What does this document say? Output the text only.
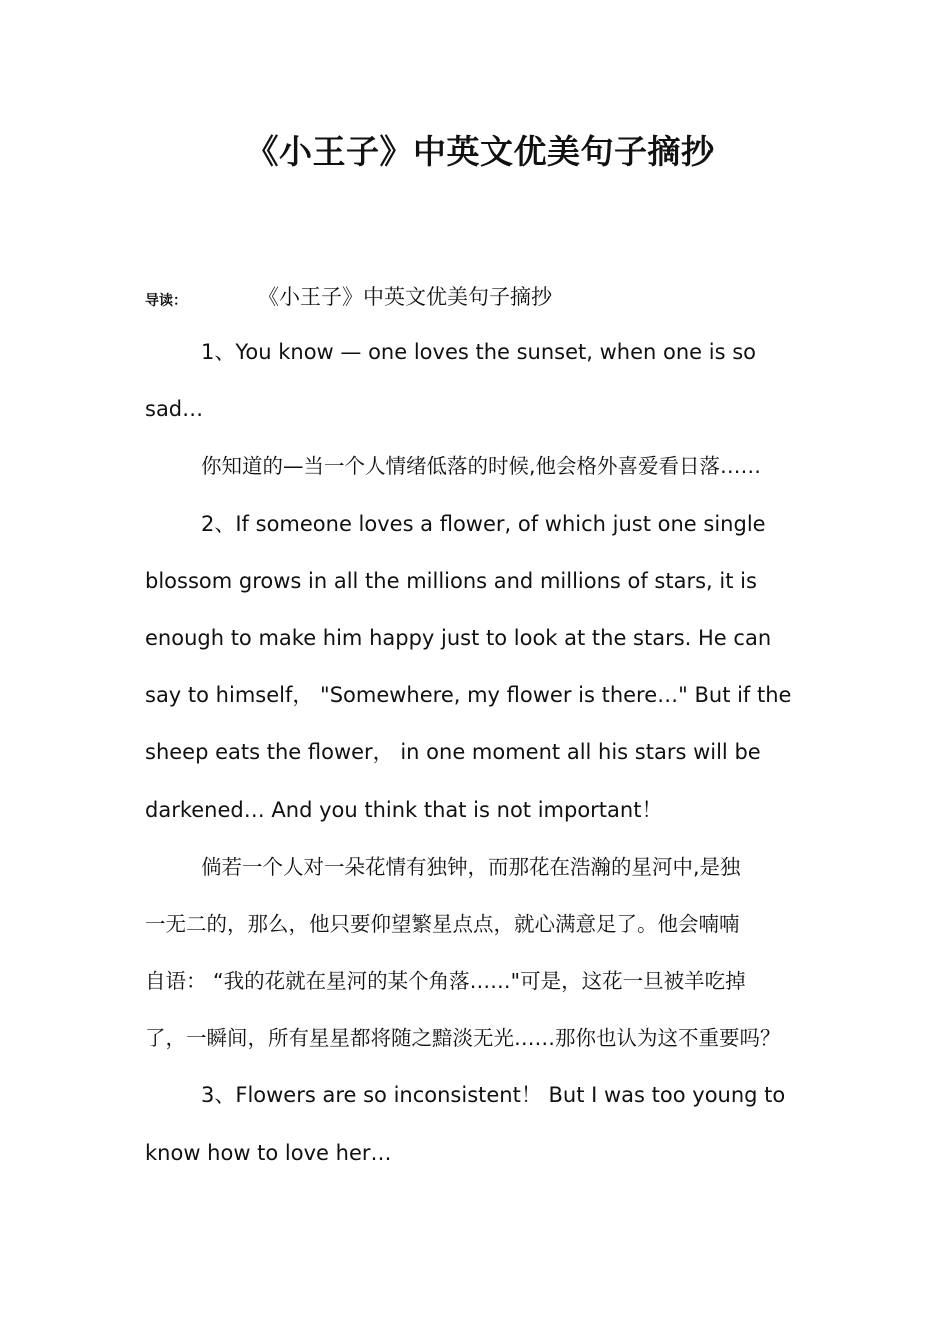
《小王子》中英文优美句子摘抄
导读：	《小王子》中英文优美句子摘抄
1、You know — one loves the sunset, when one is so
sad…
你知道的—当一个人情绪低落的时候,他会格外喜爱看日落……
2、If someone loves a flower, of which just one single
blossom grows in all the millions and millions of stars, it is
enough to make him happy just to look at the stars. He can
say to himself， "Somewhere, my flower is there…" But if the
sheep eats the flower， in one moment all his stars will be
darkened… And you think that is not important！
倘若一个人对一朵花情有独钟，而那花在浩瀚的星河中,是独
一无二的，那么，他只要仰望繁星点点，就心满意足了。他会喃喃
自语： “我的花就在星河的某个角落……"可是，这花一旦被羊吃掉
了，一瞬间，所有星星都将随之黯淡无光……那你也认为这不重要吗？
3、Flowers are so inconsistent！ But I was too young to
know how to love her…
